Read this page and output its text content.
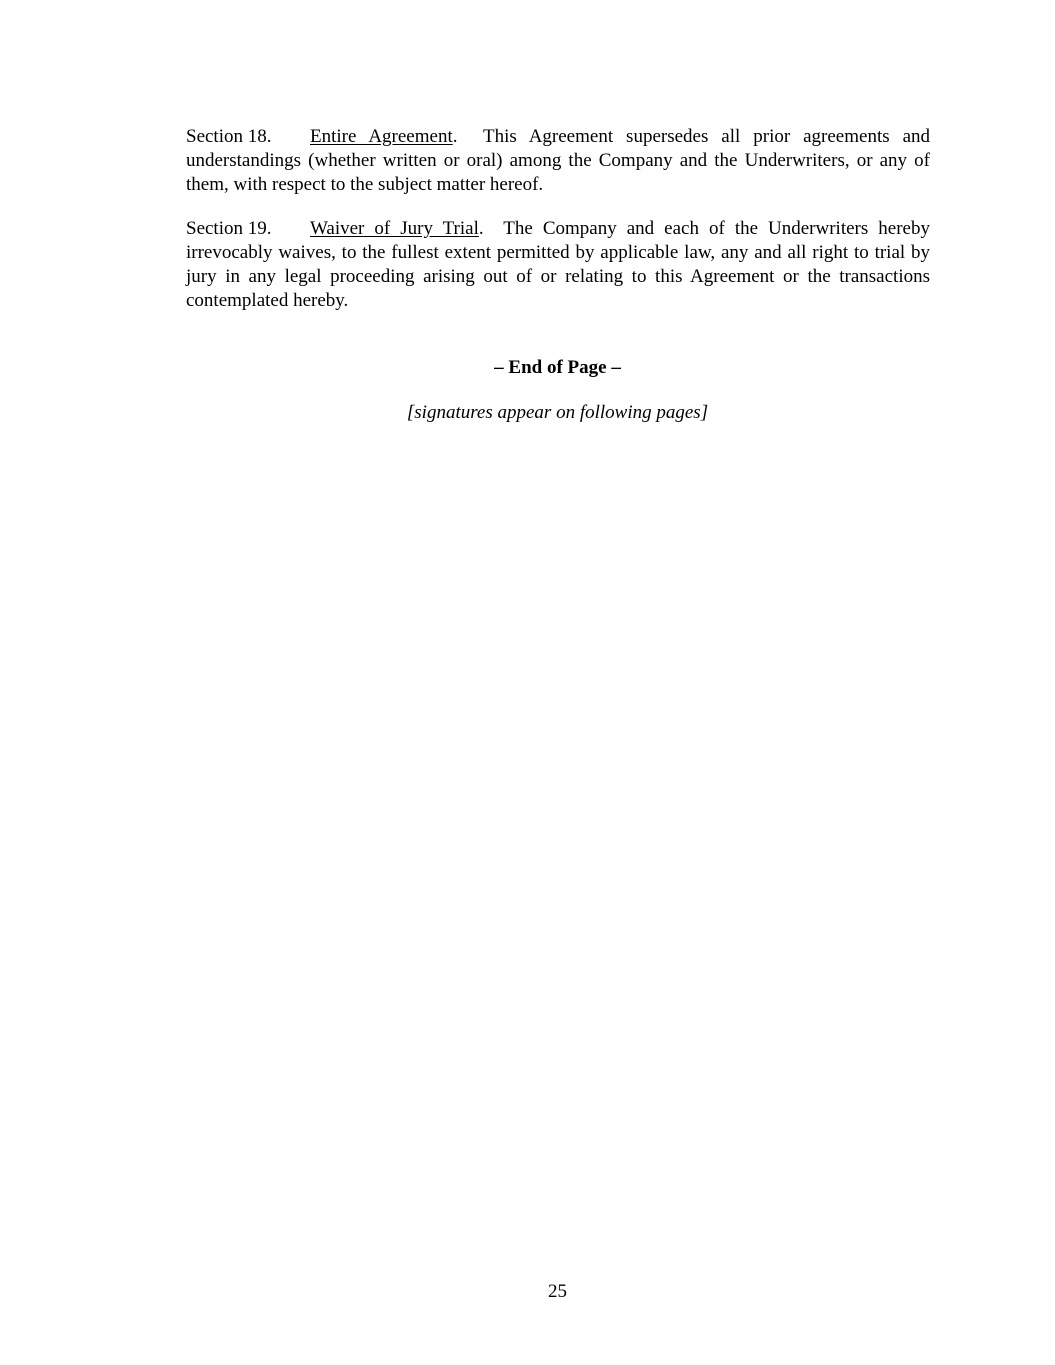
Section 18. Entire Agreement. This Agreement supersedes all prior agreements and understandings (whether written or oral) among the Company and the Underwriters, or any of them, with respect to the subject matter hereof.

Section 19. Waiver of Jury Trial. The Company and each of the Underwriters hereby irrevocably waives, to the fullest extent permitted by applicable law, any and all right to trial by jury in any legal proceeding arising out of or relating to this Agreement or the transactions contemplated hereby.

– End of Page –

[signatures appear on following pages]

25
